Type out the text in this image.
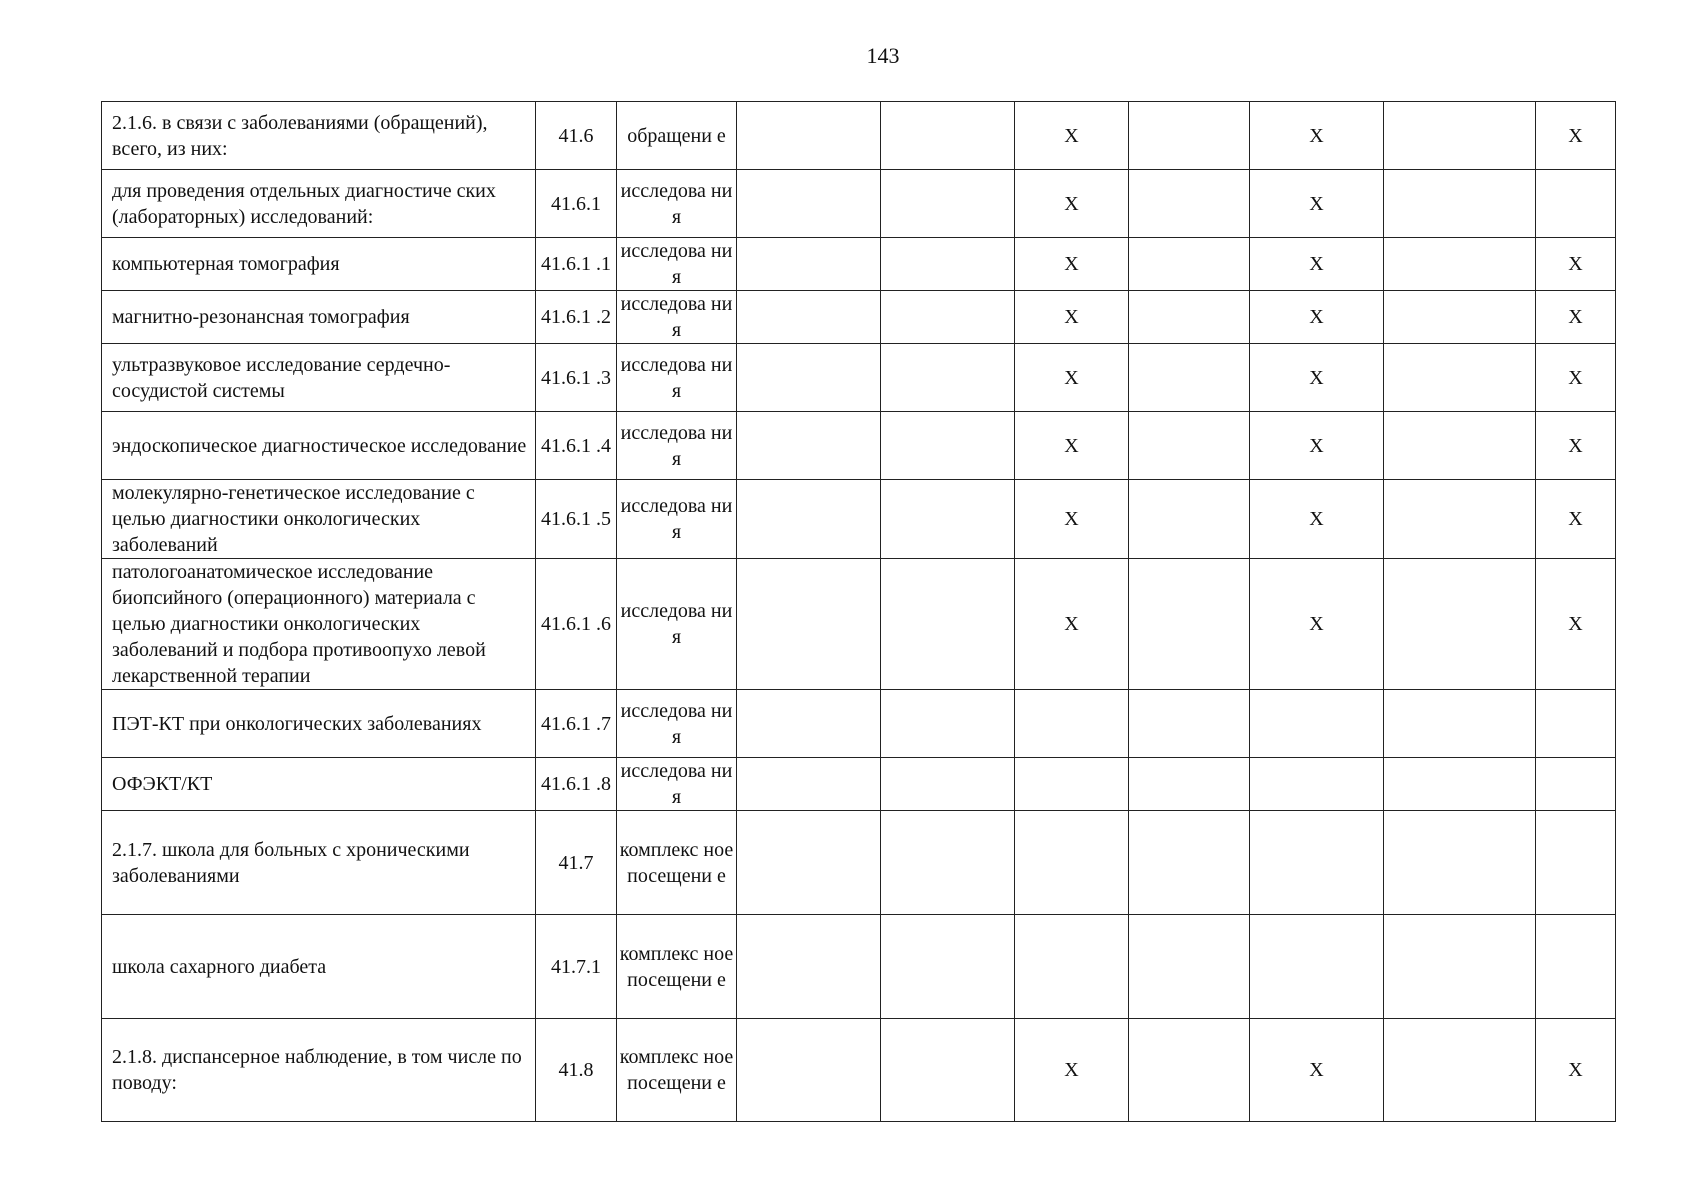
143
2.1.6. в связи с заболеваниями (обращений), всего, из них:	41.6	обращени е			X		X		X
для проведения отдельных диагностиче ских (лабораторных) исследований:	41.6.1	исследова ния			X		X		
компьютерная томография	41.6.1 .1	исследова ния			X		X		X
магнитно-резонансная томография	41.6.1 .2	исследова ния			X		X		X
ультразвуковое исследование сердечно- сосудистой системы	41.6.1 .3	исследова ния			X		X		X
эндоскопическое диагностическое исследование	41.6.1 .4	исследова ния			X		X		X
молекулярно-генетическое исследование с целью диагностики онкологических заболеваний	41.6.1 .5	исследова ния			X		X		X
патологоанатомическое исследование биопсийного (операционного) материала с целью диагностики онкологических заболеваний и подбора противоопухо левой лекарственной терапии	41.6.1 .6	исследова ния			X		X		X
ПЭТ-КТ при онкологических заболеваниях	41.6.1 .7	исследова ния							
ОФЭКТ/КТ	41.6.1 .8	исследова ния							
2.1.7. школа для больных с хроническими заболеваниями	41.7	комплекс ное посещени е							
школа сахарного диабета	41.7.1	комплекс ное посещени е							
2.1.8. диспансерное наблюдение, в том числе по поводу:	41.8	комплекс ное посещени е			X		X		X
